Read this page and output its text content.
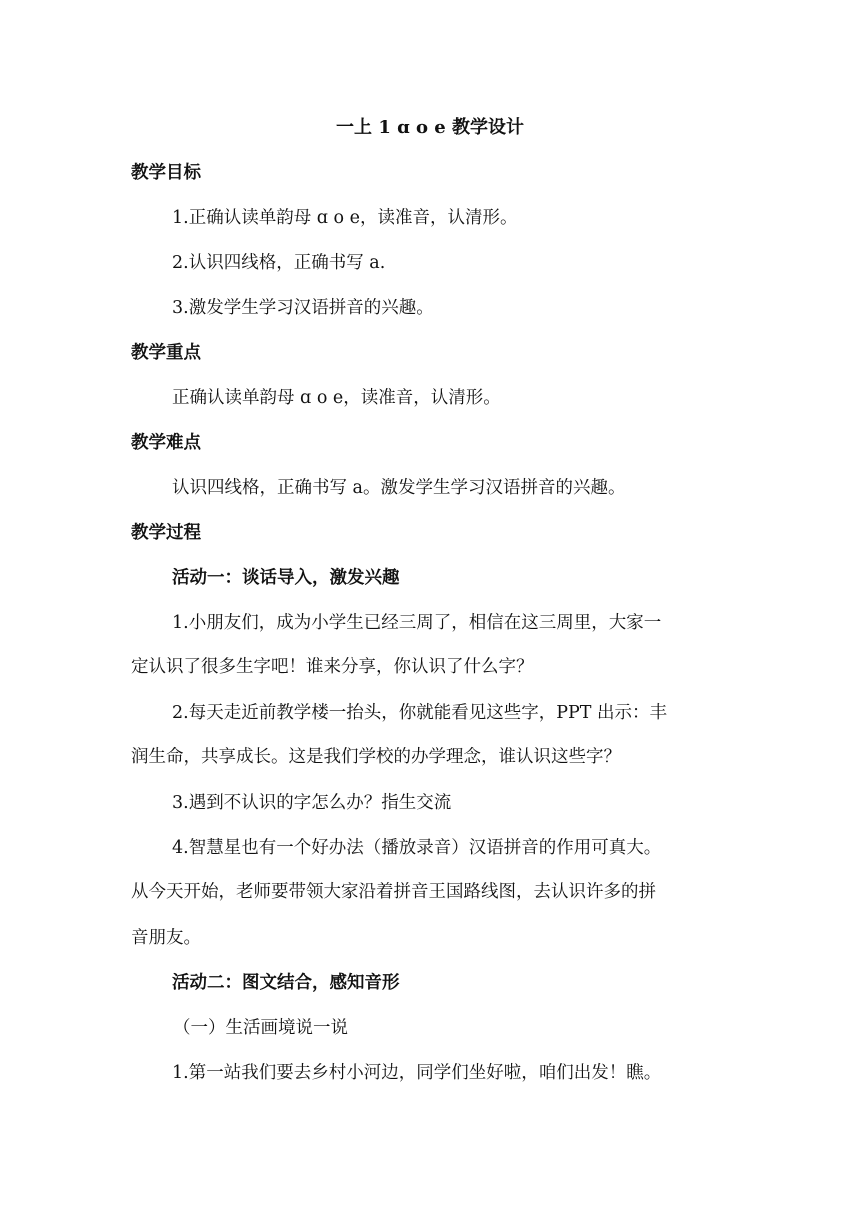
一上 1 ɑ o e 教学设计
教学目标
1.正确认读单韵母 ɑ o e，读准音，认清形。
2.认识四线格，正确书写 a.
3.激发学生学习汉语拼音的兴趣。
教学重点
正确认读单韵母 ɑ o e，读准音，认清形。
教学难点
认识四线格，正确书写 a。激发学生学习汉语拼音的兴趣。
教学过程
活动一：谈话导入，激发兴趣
1.小朋友们，成为小学生已经三周了，相信在这三周里，大家一
定认识了很多生字吧！谁来分享，你认识了什么字？
2.每天走近前教学楼一抬头，你就能看见这些字，PPT 出示：丰
润生命，共享成长。这是我们学校的办学理念，谁认识这些字？
3.遇到不认识的字怎么办？指生交流
4.智慧星也有一个好办法（播放录音）汉语拼音的作用可真大。
从今天开始，老师要带领大家沿着拼音王国路线图，去认识许多的拼
音朋友。
活动二：图文结合，感知音形
（一）生活画境说一说
1.第一站我们要去乡村小河边，同学们坐好啦，咱们出发！瞧。
